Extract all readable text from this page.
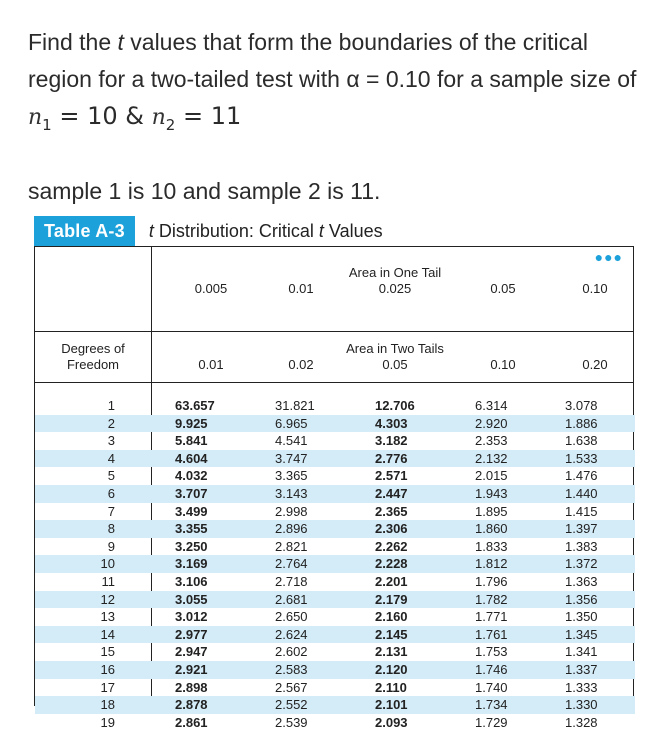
Find the t values that form the boundaries of the critical region for a two-tailed test with α = 0.10 for a sample size of $n_1 = 10$ & $n_2 = 11$
sample 1 is 10 and sample 2 is 11.
Table A-3	t Distribution: Critical t Values
●●●
Area in One Tail
0.005	0.01	0.025	0.05	0.10
Degrees of
Freedom
Area in Two Tails
0.01	0.02	0.05	0.10	0.20
1	63.657	31.821	12.706	6.314	3.078
2	9.925	6.965	4.303	2.920	1.886
3	5.841	4.541	3.182	2.353	1.638
4	4.604	3.747	2.776	2.132	1.533
5	4.032	3.365	2.571	2.015	1.476
6	3.707	3.143	2.447	1.943	1.440
7	3.499	2.998	2.365	1.895	1.415
8	3.355	2.896	2.306	1.860	1.397
9	3.250	2.821	2.262	1.833	1.383
10	3.169	2.764	2.228	1.812	1.372
11	3.106	2.718	2.201	1.796	1.363
12	3.055	2.681	2.179	1.782	1.356
13	3.012	2.650	2.160	1.771	1.350
14	2.977	2.624	2.145	1.761	1.345
15	2.947	2.602	2.131	1.753	1.341
16	2.921	2.583	2.120	1.746	1.337
17	2.898	2.567	2.110	1.740	1.333
18	2.878	2.552	2.101	1.734	1.330
19	2.861	2.539	2.093	1.729	1.328
